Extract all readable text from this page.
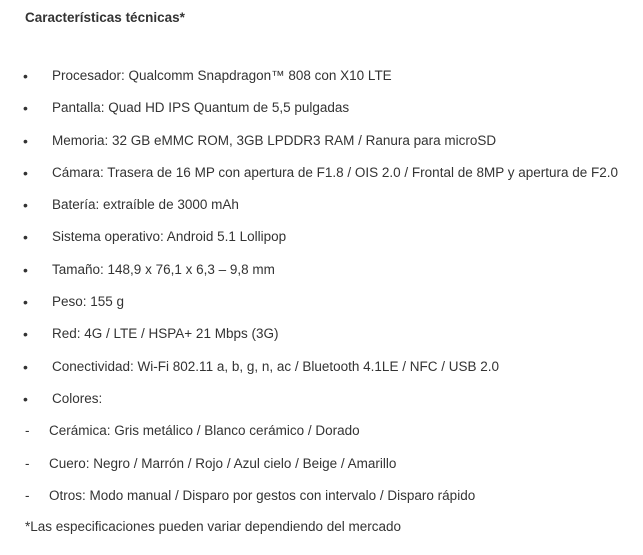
Características técnicas*
•	Procesador: Qualcomm Snapdragon™ 808 con X10 LTE
•	Pantalla: Quad HD IPS Quantum de 5,5 pulgadas
•	Memoria: 32 GB eMMC ROM, 3GB LPDDR3 RAM / Ranura para microSD
•	Cámara: Trasera de 16 MP con apertura de F1.8 / OIS 2.0 / Frontal de 8MP y apertura de F2.0
•	Batería: extraíble de 3000 mAh
•	Sistema operativo: Android 5.1 Lollipop
•	Tamaño: 148,9 x 76,1 x 6,3 – 9,8 mm
•	Peso: 155 g
•	Red: 4G / LTE / HSPA+ 21 Mbps (3G)
•	Conectividad: Wi-Fi 802.11 a, b, g, n, ac / Bluetooth 4.1LE / NFC / USB 2.0
•	Colores:
- Cerámica: Gris metálico / Blanco cerámico / Dorado
- Cuero: Negro / Marrón / Rojo / Azul cielo / Beige / Amarillo
- Otros: Modo manual / Disparo por gestos con intervalo / Disparo rápido
*Las especificaciones pueden variar dependiendo del mercado
